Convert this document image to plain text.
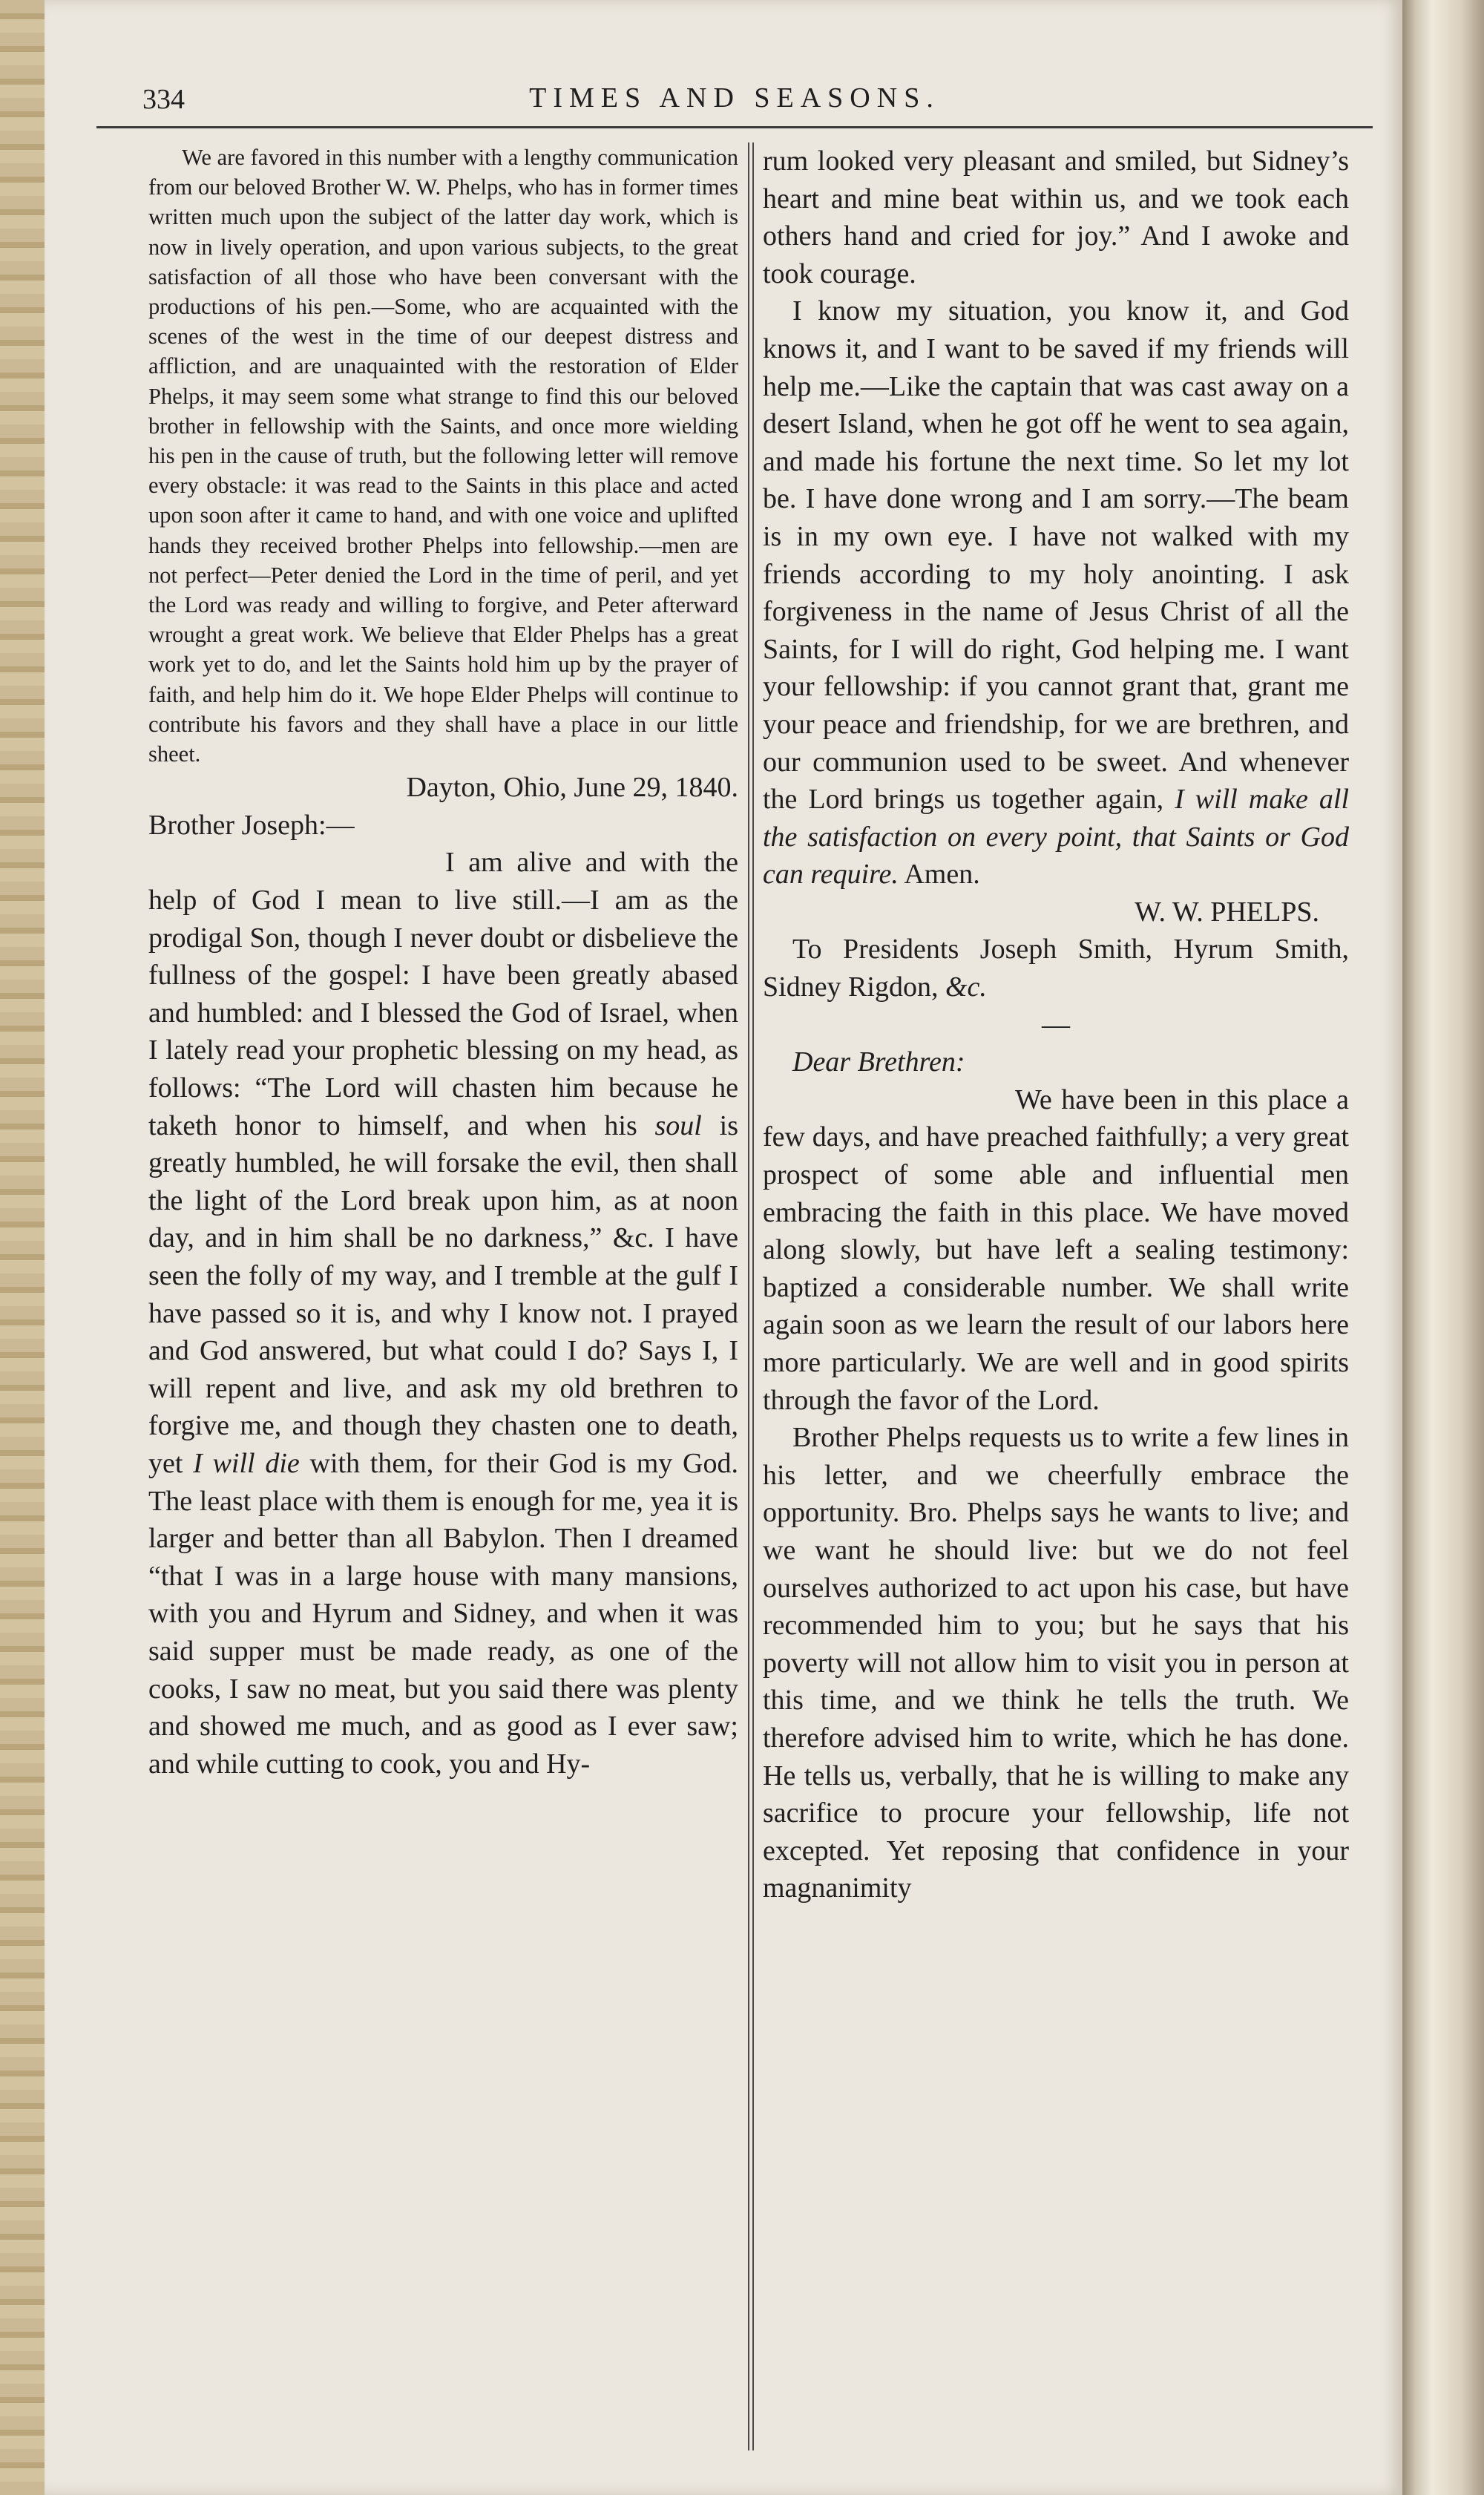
334	TIMES AND SEASONS.

We are favored in this number with a lengthy communication from our beloved Brother W. W. Phelps, who has in former times written much upon the subject of the latter day work, which is now in lively operation, and upon various subjects, to the great satisfaction of all those who have been conversant with the productions of his pen.—Some, who are acquainted with the scenes of the west in the time of our deepest distress and affliction, and are unaquainted with the restoration of Elder Phelps, it may seem some what strange to find this our beloved brother in fellowship with the Saints, and once more wielding his pen in the cause of truth, but the following letter will remove every obstacle: it was read to the Saints in this place and acted upon soon after it came to hand, and with one voice and uplifted hands they received brother Phelps into fellowship.—men are not perfect—Peter denied the Lord in the time of peril, and yet the Lord was ready and willing to forgive, and Peter afterward wrought a great work. We believe that Elder Phelps has a great work yet to do, and let the Saints hold him up by the prayer of faith, and help him do it. We hope Elder Phelps will continue to contribute his favors and they shall have a place in our little sheet.

Dayton, Ohio, June 29, 1840.

Brother Joseph:—

I am alive and with the help of God I mean to live still.—I am as the prodigal Son, though I never doubt or disbelieve the fullness of the gospel: I have been greatly abased and humbled: and I blessed the God of Israel, when I lately read your prophetic blessing on my head, as follows: “The Lord will chasten him because he taketh honor to himself, and when his soul is greatly humbled, he will forsake the evil, then shall the light of the Lord break upon him, as at noon day, and in him shall be no darkness,” &c. I have seen the folly of my way, and I tremble at the gulf I have passed so it is, and why I know not. I prayed and God answered, but what could I do? Says I, I will repent and live, and ask my old brethren to forgive me, and though they chasten one to death, yet I will die with them, for their God is my God. The least place with them is enough for me, yea it is larger and better than all Babylon. Then I dreamed “that I was in a large house with many mansions, with you and Hyrum and Sidney, and when it was said supper must be made ready, as one of the cooks, I saw no meat, but you said there was plenty and showed me much, and as good as I ever saw; and while cutting to cook, you and Hy-

rum looked very pleasant and smiled, but Sidney’s heart and mine beat within us, and we took each others hand and cried for joy.” And I awoke and took courage.

I know my situation, you know it, and God knows it, and I want to be saved if my friends will help me.—Like the captain that was cast away on a desert Island, when he got off he went to sea again, and made his fortune the next time. So let my lot be. I have done wrong and I am sorry.—The beam is in my own eye. I have not walked with my friends according to my holy anointing. I ask forgiveness in the name of Jesus Christ of all the Saints, for I will do right, God helping me. I want your fellowship: if you cannot grant that, grant me your peace and friendship, for we are brethren, and our communion used to be sweet. And whenever the Lord brings us together again, I will make all the satisfaction on every point, that Saints or God can require. Amen.

W. W. PHELPS.

To Presidents Joseph Smith, Hyrum Smith, Sidney Rigdon, &c.

—

Dear Brethren:

We have been in this place a few days, and have preached faithfully; a very great prospect of some able and influential men embracing the faith in this place. We have moved along slowly, but have left a sealing testimony: baptized a considerable number. We shall write again soon as we learn the result of our labors here more particularly. We are well and in good spirits through the favor of the Lord.

Brother Phelps requests us to write a few lines in his letter, and we cheerfully embrace the opportunity. Bro. Phelps says he wants to live; and we want he should live: but we do not feel ourselves authorized to act upon his case, but have recommended him to you; but he says that his poverty will not allow him to visit you in person at this time, and we think he tells the truth. We therefore advised him to write, which he has done. He tells us, verbally, that he is willing to make any sacrifice to procure your fellowship, life not excepted. Yet reposing that confidence in your magnanimity
